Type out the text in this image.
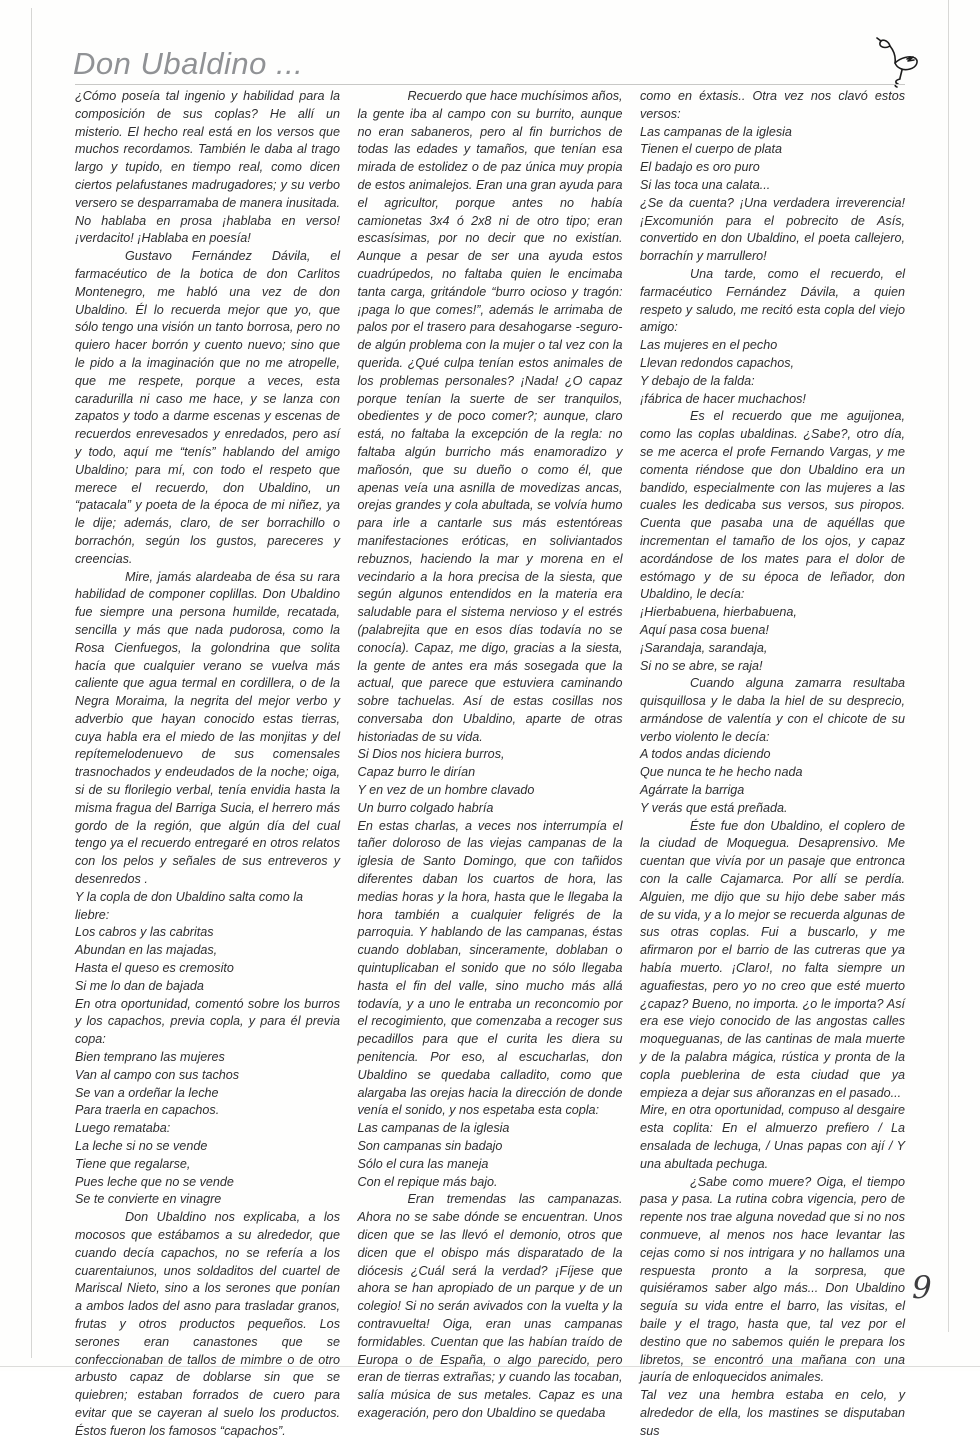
Don Ubaldino ...

¿Cómo poseía tal ingenio y habilidad para la composición de sus coplas? He allí un misterio. El hecho real está en los versos que muchos recordamos. También le daba al trago largo y tupido, en tiempo real, como dicen ciertos pelafustanes madrugadores; y su verbo versero se desparramaba de manera inusitada. No hablaba en prosa ¡hablaba en verso! ¡verdacito! ¡Hablaba en poesía!

Gustavo Fernández Dávila, el farmacéutico de la botica de don Carlitos Montenegro, me habló una vez de don Ubaldino. Él lo recuerda mejor que yo, que sólo tengo una visión un tanto borrosa, pero no quiero hacer borrón y cuento nuevo; sino que le pido a la imaginación que no me atropelle, que me respete, porque a veces, esta caradurilla ni caso me hace, y se lanza con zapatos y todo a darme escenas y escenas de recuerdos enrevesados y enredados, pero así y todo, aquí me “tenís” hablando del amigo Ubaldino; para mí, con todo el respeto que merece el recuerdo, don Ubaldino, un “patacala” y poeta de la época de mi niñez, ya le dije; además, claro, de ser borrachillo o borrachón, según los gustos, pareceres y creencias.

Mire, jamás alardeaba de ésa su rara habilidad de componer coplillas. Don Ubaldino fue siempre una persona humilde, recatada, sencilla y más que nada pudorosa, como la Rosa Cienfuegos, la golondrina que solita hacía que cualquier verano se vuelva más caliente que agua termal en cordillera, o de la Negra Moraima, la negrita del mejor verbo y adverbio que hayan conocido estas tierras, cuya habla era el miedo de las monjitas y del repítemelodenuevo de sus comensales trasnochados y endeudados de la noche; oiga, si de su florilegio verbal, tenía envidia hasta la misma fragua del Barriga Sucia, el herrero más gordo de la región, que algún día del cual tengo ya el recuerdo entregaré en otros relatos con los pelos y señales de sus entreveros y desenredos .

Y la copla de don Ubaldino salta como la liebre:
Los cabros y las cabritas
Abundan en las majadas,
Hasta el queso es cremosito
Si me lo dan de bajada

En otra oportunidad, comentó sobre los burros y los capachos, previa copla, y para él previa copa:

Bien temprano las mujeres
Van al campo con sus tachos
Se van a ordeñar la leche
Para traerla en capachos.
Luego remataba:
La leche si no se vende
Tiene que regalarse,
Pues leche que no se vende
Se te convierte en vinagre

Don Ubaldino nos explicaba, a los mocosos que estábamos a su alrededor, que cuando decía capachos, no se refería a los cuarentaiunos, unos soldaditos del cuartel de Mariscal Nieto, sino a los serones que ponían a ambos lados del asno para trasladar granos, frutas y otros productos pequeños. Los serones eran canastones que se confeccionaban de tallos de mimbre o de otro arbusto capaz de doblarse sin que se quiebren; estaban forrados de cuero para evitar que se cayeran al suelo los productos. Éstos fueron los famosos “capachos”.

Recuerdo que hace muchísimos años, la gente iba al campo con su burrito, aunque no eran sabaneros, pero al fin burrichos de todas las edades y tamaños, que tenían esa mirada de estolidez o de paz única muy propia de estos animalejos. Eran una gran ayuda para el agricultor, porque antes no había camionetas 3x4 ó 2x8 ni de otro tipo; eran escasísimas, por no decir que no existían. Aunque a pesar de ser una ayuda estos cuadrúpedos, no faltaba quien le encimaba tanta carga, gritándole “burro ocioso y tragón: ¡paga lo que comes!”, además le arrimaba de palos por el trasero para desahogarse -seguro- de algún problema con la mujer o tal vez con la querida. ¿Qué culpa tenían estos animales de los problemas personales? ¡Nada! ¿O capaz porque tenían la suerte de ser tranquilos, obedientes y de poco comer?; aunque, claro está, no faltaba la excepción de la regla: no faltaba algún burricho más enamoradizo y mañosón, que su dueño o como él, que apenas veía una asnilla de movedizas ancas, orejas grandes y cola abultada, se volvía humo para irle a cantarle sus más estentóreas manifestaciones eróticas, en soliviantados rebuznos, haciendo la mar y morena en el vecindario a la hora precisa de la siesta, que según algunos entendidos en la materia era saludable para el sistema nervioso y el estrés (palabrejita que en esos días todavía no se conocía). Capaz, me digo, gracias a la siesta, la gente de antes era más sosegada que la actual, que parece que estuviera caminando sobre tachuelas. Así de estas cosillas nos conversaba don Ubaldino, aparte de otras historiadas de su vida.

Si Dios nos hiciera burros,
Capaz burro le dirían
Y en vez de un hombre clavado
Un burro colgado habría

En estas charlas, a veces nos interrumpía el tañer doloroso de las viejas campanas de la iglesia de Santo Domingo, que con tañidos diferentes daban los cuartos de hora, las medias horas y la hora, hasta que le llegaba la hora también a cualquier feligrés de la parroquia. Y hablando de las campanas, éstas cuando doblaban, sinceramente, doblaban o quintuplicaban el sonido que no sólo llegaba hasta el fin del valle, sino mucho más allá todavía, y a uno le entraba un reconcomio por el recogimiento, que comenzaba a recoger sus pecadillos para que el curita les diera su penitencia. Por eso, al escucharlas, don Ubaldino se quedaba calladito, como que alargaba las orejas hacia la dirección de donde venía el sonido, y nos espetaba esta copla:

Las campanas de la iglesia
Son campanas sin badajo
Sólo el cura las maneja
Con el repique más bajo.

Eran tremendas las campanazas. Ahora no se sabe dónde se encuentran. Unos dicen que se las llevó el demonio, otros que dicen que el obispo más disparatado de la diócesis ¿Cuál será la verdad? ¡Fíjese que ahora se han apropiado de un parque y de un colegio! Si no serán avivados con la vuelta y la contravuelta! Oiga, eran unas campanas formidables. Cuentan que las habían traído de Europa o de España, o algo parecido, pero eran de tierras extrañas; y cuando las tocaban, salía música de sus metales. Capaz es una exageración, pero don Ubaldino se quedaba

como en éxtasis.. Otra vez nos clavó estos versos:

Las campanas de la iglesia
Tienen el cuerpo de plata
El badajo es oro puro
Si las toca una calata...

¿Se da cuenta? ¡Una verdadera irreverencia! ¡Excomunión para el pobrecito de Asís, convertido en don Ubaldino, el poeta callejero, borrachín y marrullero!

Una tarde, como el recuerdo, el farmacéutico Fernández Dávila, a quien respeto y saludo, me recitó esta copla del viejo amigo:

Las mujeres en el pecho
Llevan redondos capachos,
Y debajo de la falda:
¡fábrica de hacer muchachos!

Es el recuerdo que me aguijonea, como las coplas ubaldinas. ¿Sabe?, otro día, se me acerca el profe Fernando Vargas, y me comenta riéndose que don Ubaldino era un bandido, especialmente con las mujeres a las cuales les dedicaba sus versos, sus piropos. Cuenta que pasaba una de aquéllas que incrementan el tamaño de los ojos, y capaz acordándose de los mates para el dolor de estómago y de su época de leñador, don Ubaldino, le decía:

¡Hierbabuena, hierbabuena,
Aquí pasa cosa buena!
¡Sarandaja, sarandaja,
Si no se abre, se raja!

Cuando alguna zamarra resultaba quisquillosa y le daba la hiel de su desprecio, armándose de valentía y con el chicote de su verbo violento le decía:

A todos andas diciendo
Que nunca te he hecho nada
Agárrate la barriga
Y verás que está preñada.

Éste fue don Ubaldino, el coplero de la ciudad de Moquegua. Desaprensivo. Me cuentan que vivía por un pasaje que entronca con la calle Cajamarca. Por allí se perdía. Alguien, me dijo que su hijo debe saber más de su vida, y a lo mejor se recuerda algunas de sus otras coplas. Fui a buscarlo, y me afirmaron por el barrio de las cutreras que ya había muerto. ¡Claro!, no falta siempre un aguafiestas, pero yo no creo que esté muerto ¿capaz? Bueno, no importa. ¿o le importa? Así era ese viejo conocido de las angostas calles moqueguanas, de las cantinas de mala muerte y de la palabra mágica, rústica y pronta de la copla pueblerina de esta ciudad que ya empieza a dejar sus añoranzas en el pasado...

Mire, en otra oportunidad, compuso al desgaire esta coplita: En el almuerzo prefiero / La ensalada de lechuga, / Unas papas con ají / Y una abultada pechuga.

¿Sabe como muere? Oiga, el tiempo pasa y pasa. La rutina cobra vigencia, pero de repente nos trae alguna novedad que si no nos conmueve, al menos nos hace levantar las cejas como si nos intrigara y no hallamos una respuesta pronto a la sorpresa, que quisiéramos saber algo más... Don Ubaldino seguía su vida entre el barro, las visitas, el baile y el trago, hasta que, tal vez por el destino que no sabemos quién le prepara los libretos, se encontró una mañana con una jauría de enloquecidos animales.

Tal vez una hembra estaba en celo, y alrededor de ella, los mastines se disputaban sus

9
